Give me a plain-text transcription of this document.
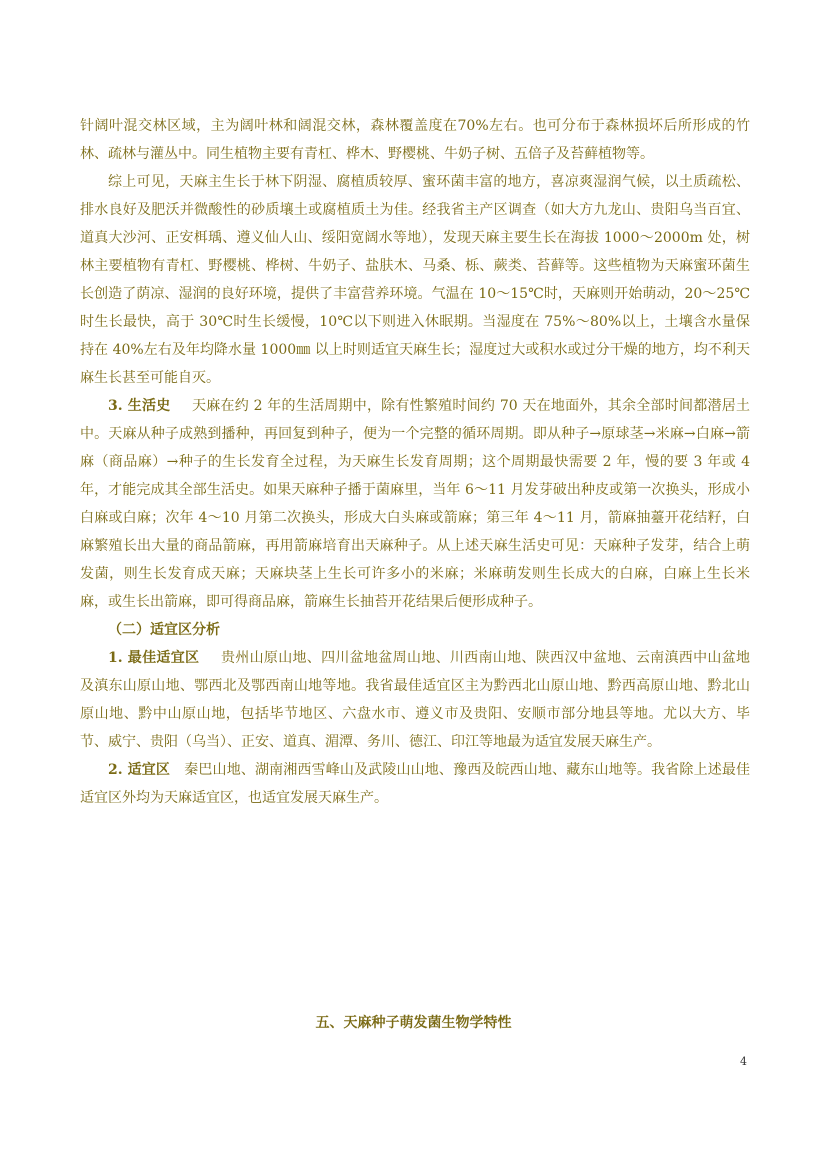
针阔叶混交林区域，主为阔叶林和阔混交林，森林覆盖度在70%左右。也可分布于森林损坏后所形成的竹林、疏林与灌丛中。同生植物主要有青杠、桦木、野樱桃、牛奶子树、五倍子及苔藓植物等。

综上可见，天麻主生长于林下阴湿、腐植质较厚、蜜环菌丰富的地方，喜凉爽湿润气候，以土质疏松、排水良好及肥沃并微酸性的砂质壤土或腐植质土为佳。经我省主产区调查（如大方九龙山、贵阳乌当百宜、道真大沙河、正安栮瑀、遵义仙人山、绥阳宽阔水等地），发现天麻主要生长在海拔 1000～2000m 处，树林主要植物有青杠、野樱桃、桦树、牛奶子、盐肤木、马桑、栎、蕨类、苔藓等。这些植物为天麻蜜环菌生长创造了荫凉、湿润的良好环境，提供了丰富营养环境。气温在 10～15℃时，天麻则开始萌动，20～25℃时生长最快，高于 30℃时生长缓慢，10℃以下则进入休眠期。当湿度在 75%～80%以上，土壤含水量保持在 40%左右及年均降水量 1000㎜ 以上时则适宜天麻生长；湿度过大或积水或过分干燥的地方，均不利天麻生长甚至可能自灭。

3. 生活史　  天麻在约 2 年的生活周期中，除有性繁殖时间约 70 天在地面外，其余全部时间都潜居土中。天麻从种子成熟到播种，再回复到种子，便为一个完整的循环周期。即从种子→原球茎→米麻→白麻→箭麻（商品麻）→种子的生长发育全过程，为天麻生长发育周期；这个周期最快需要 2 年，慢的要 3 年或 4 年，才能完成其全部生活史。如果天麻种子播于菌麻里，当年 6～11 月发芽破出种皮或第一次换头，形成小白麻或白麻；次年 4～10 月第二次换头，形成大白头麻或箭麻；第三年 4～11 月，箭麻抽薹开花结籽，白麻繁殖长出大量的商品箭麻，再用箭麻培育出天麻种子。从上述天麻生活史可见：天麻种子发芽，结合上萌发菌，则生长发育成天麻；天麻块茎上生长可许多小的米麻；米麻萌发则生长成大的白麻，白麻上生长米麻，或生长出箭麻，即可得商品麻，箭麻生长抽苔开花结果后便形成种子。

（二）适宜区分析

1. 最佳适宜区　  贵州山原山地、四川盆地盆周山地、川西南山地、陕西汉中盆地、云南滇西中山盆地及滇东山原山地、鄂西北及鄂西南山地等地。我省最佳适宜区主为黔西北山原山地、黔西高原山地、黔北山原山地、黔中山原山地，包括毕节地区、六盘水市、遵义市及贵阳、安顺市部分地县等地。尤以大方、毕节、威宁、贵阳（乌当）、正安、道真、湄潭、务川、德江、印江等地最为适宜发展天麻生产。

2. 适宜区　 秦巴山地、湖南湘西雪峰山及武陵山山地、豫西及皖西山地、藏东山地等。我省除上述最佳适宜区外均为天麻适宜区，也适宜发展天麻生产。

五、天麻种子萌发菌生物学特性
4
